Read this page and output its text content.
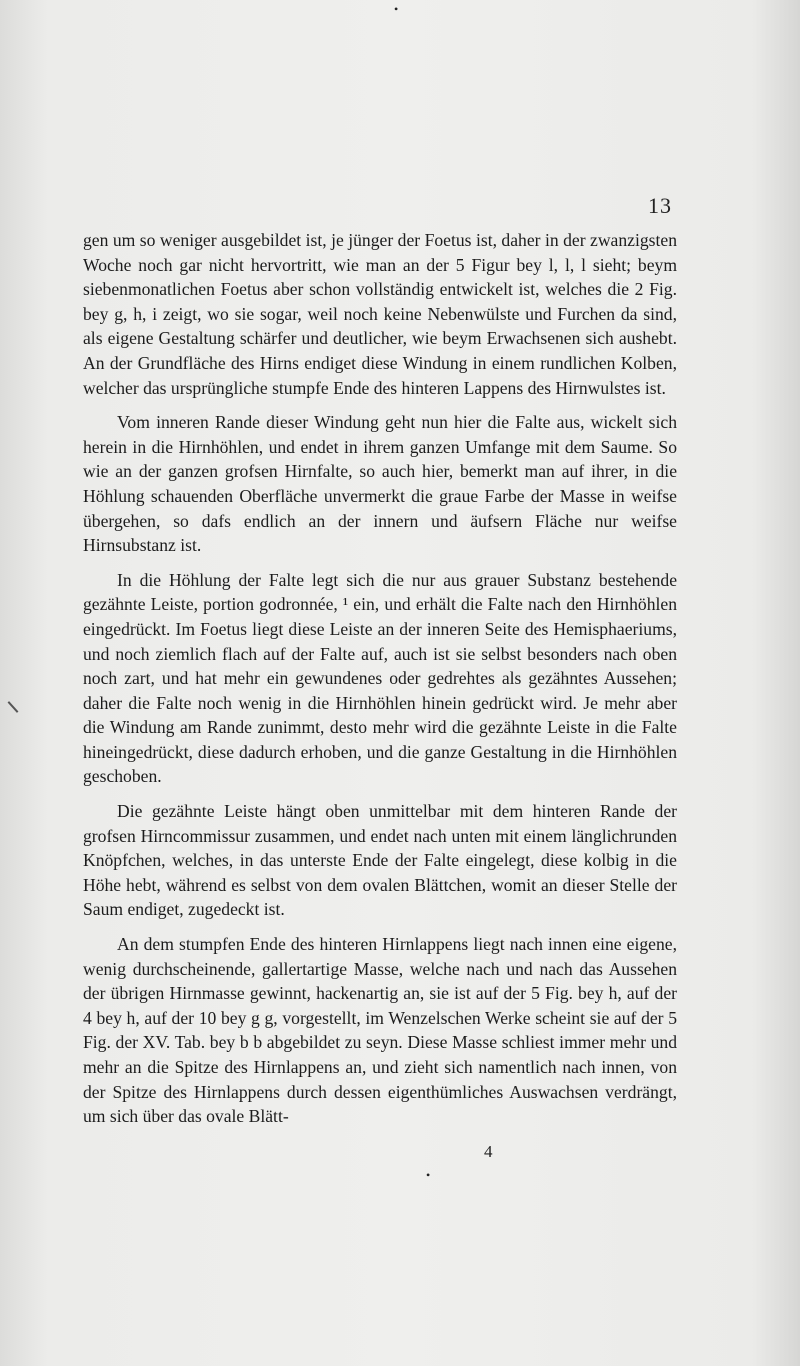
•
13

gen um so weniger ausgebildet ist, je jünger der Foetus ist, daher in der zwanzigsten Woche noch gar nicht hervortritt, wie man an der 5 Figur bey l, l, l sieht; beym siebenmonatlichen Foetus aber schon vollständig entwickelt ist, welches die 2 Fig. bey g, h, i zeigt, wo sie sogar, weil noch keine Nebenwülste und Furchen da sind, als eigene Gestaltung schärfer und deutlicher, wie beym Erwachsenen sich aushebt. An der Grundfläche des Hirns endiget diese Windung in einem rundlichen Kolben, welcher das ursprüngliche stumpfe Ende des hinteren Lappens des Hirnwulstes ist.

Vom inneren Rande dieser Windung geht nun hier die Falte aus, wickelt sich herein in die Hirnhöhlen, und endet in ihrem ganzen Umfange mit dem Saume. So wie an der ganzen grofsen Hirnfalte, so auch hier, bemerkt man auf ihrer, in die Höhlung schauenden Oberfläche unvermerkt die graue Farbe der Masse in weifse übergehen, so dafs endlich an der innern und äufsern Fläche nur weifse Hirnsubstanz ist.

In die Höhlung der Falte legt sich die nur aus grauer Substanz bestehende gezähnte Leiste, portion godronnée, ¹ ein, und erhält die Falte nach den Hirnhöhlen eingedrückt. Im Foetus liegt diese Leiste an der inneren Seite des Hemisphaeriums, und noch ziemlich flach auf der Falte auf, auch ist sie selbst besonders nach oben noch zart, und hat mehr ein gewundenes oder gedrehtes als gezähntes Aussehen; daher die Falte noch wenig in die Hirnhöhlen hinein gedrückt wird. Je mehr aber die Windung am Rande zunimmt, desto mehr wird die gezähnte Leiste in die Falte hineingedrückt, diese dadurch erhoben, und die ganze Gestaltung in die Hirnhöhlen geschoben.

Die gezähnte Leiste hängt oben unmittelbar mit dem hinteren Rande der grofsen Hirncommissur zusammen, und endet nach unten mit einem länglichrunden Knöpfchen, welches, in das unterste Ende der Falte eingelegt, diese kolbig in die Höhe hebt, während es selbst von dem ovalen Blättchen, womit an dieser Stelle der Saum endiget, zugedeckt ist.

An dem stumpfen Ende des hinteren Hirnlappens liegt nach innen eine eigene, wenig durchscheinende, gallertartige Masse, welche nach und nach das Aussehen der übrigen Hirnmasse gewinnt, hackenartig an, sie ist auf der 5 Fig. bey h, auf der 4 bey h, auf der 10 bey g g, vorgestellt, im Wenzelschen Werke scheint sie auf der 5 Fig. der XV. Tab. bey b b abgebildet zu seyn. Diese Masse schliest immer mehr und mehr an die Spitze des Hirnlappens an, und zieht sich namentlich nach innen, von der Spitze des Hirnlappens durch dessen eigenthümliches Auswachsen verdrängt, um sich über das ovale Blätt-

4
•
